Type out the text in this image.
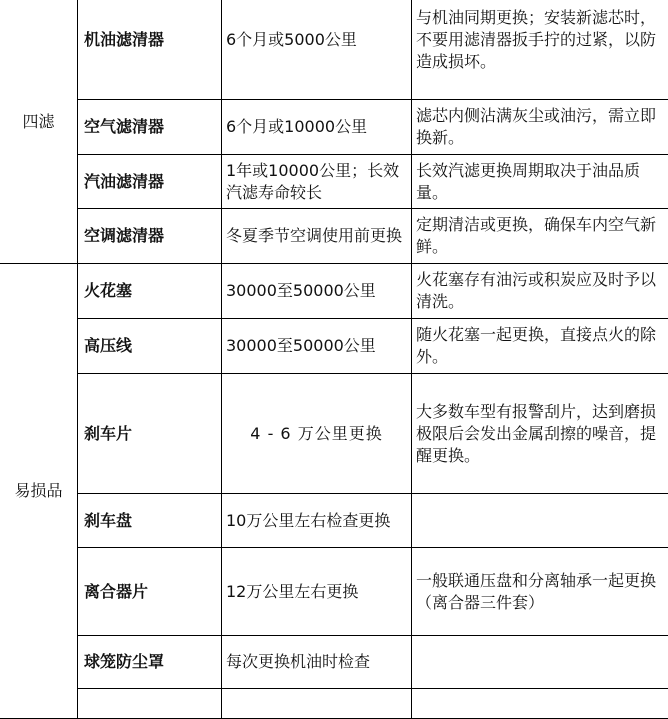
四滤	机油滤清器	6个月或5000公里	与机油同期更换；安装新滤芯时，不要用滤清器扳手拧的过紧，以防造成损坏。
	空气滤清器	6个月或10000公里	滤芯内侧沾满灰尘或油污，需立即换新。
	汽油滤清器	1年或10000公里；长效汽滤寿命较长	长效汽滤更换周期取决于油品质量。
	空调滤清器	冬夏季节空调使用前更换	定期清洁或更换，确保车内空气新鲜。
易损品	火花塞	30000至50000公里	火花塞存有油污或积炭应及时予以清洗。
	高压线	30000至50000公里	随火花塞一起更换，直接点火的除外。
	刹车片	4 - 6 万公里更换	大多数车型有报警刮片，达到磨损极限后会发出金属刮擦的噪音，提醒更换。
	刹车盘	10万公里左右检查更换	
	离合器片	12万公里左右更换	一般联通压盘和分离轴承一起更换（离合器三件套）
	球笼防尘罩	每次更换机油时检查	
